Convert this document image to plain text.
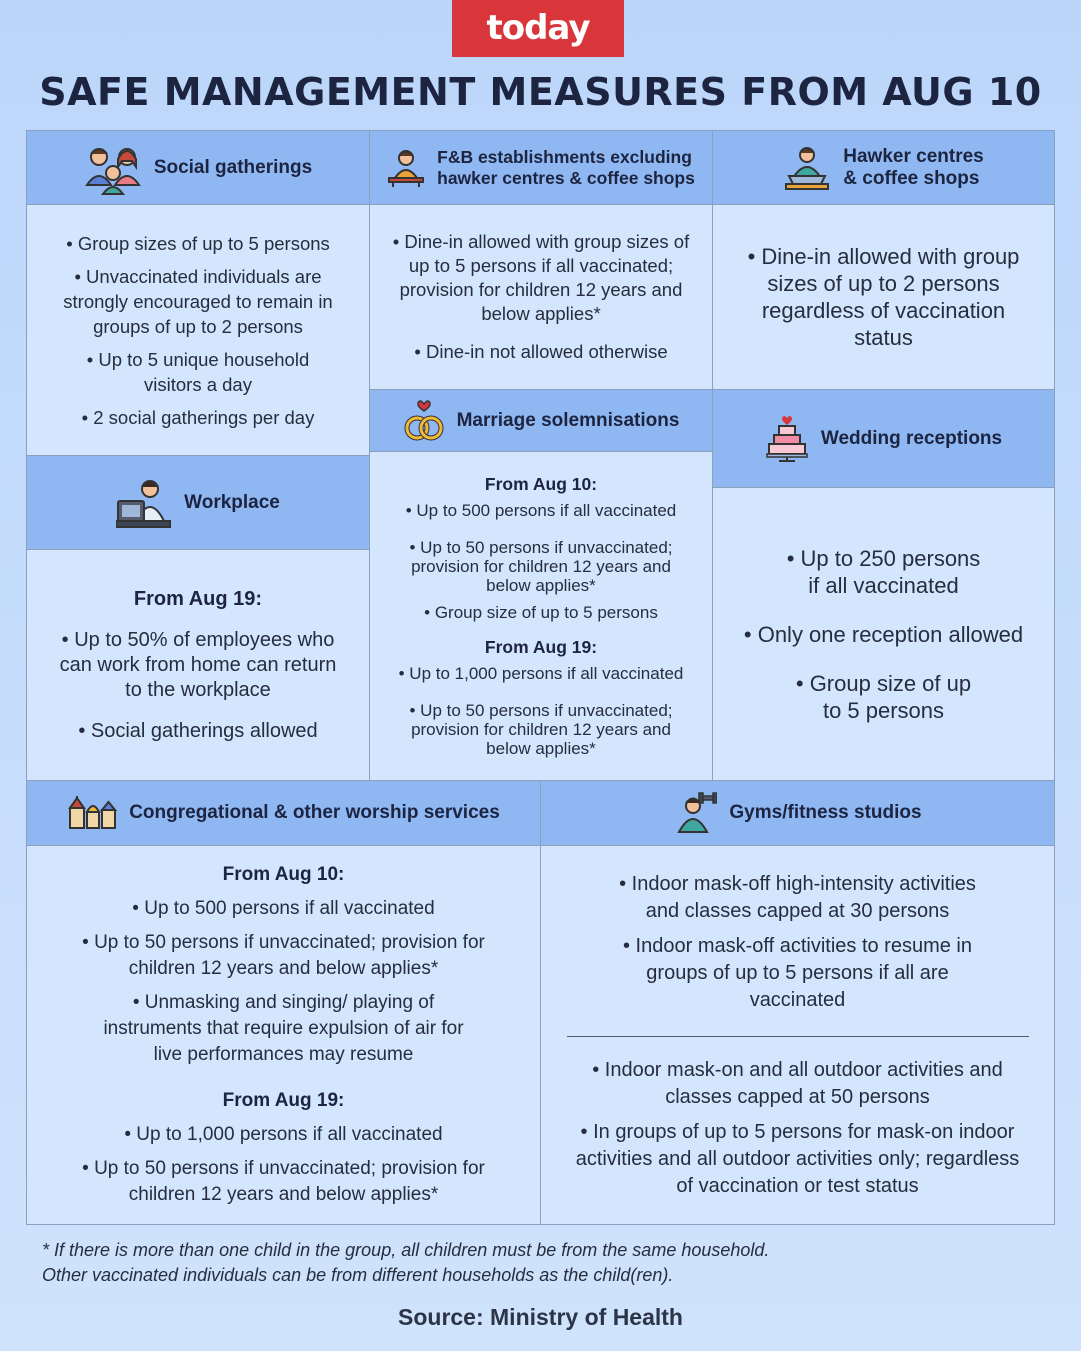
today
SAFE MANAGEMENT MEASURES FROM AUG 10
Social gatherings

• Group sizes of up to 5 persons

• Unvaccinated individuals are strongly encouraged to remain in groups of up to 2 persons

• Up to 5 unique household visitors a day

• 2 social gatherings per day

F&B establishments excluding
hawker centres & coffee shops

• Dine-in allowed with group sizes of up to 5 persons if all vaccinated; provision for children 12 years and below applies*

• Dine-in not allowed otherwise

Hawker centres
& coffee shops

• Dine-in allowed with group sizes of up to 2 persons regardless of vaccination status

Marriage solemnisations

From Aug 10:

• Up to 500 persons if all vaccinated

• Up to 50 persons if unvaccinated; provision for children 12 years and below applies*

• Group size of up to 5 persons

From Aug 19:

• Up to 1,000 persons if all vaccinated

• Up to 50 persons if unvaccinated; provision for children 12 years and below applies*

Wedding receptions

• Up to 250 persons if all vaccinated

• Only one reception allowed

• Group size of up to 5 persons

Workplace

From Aug 19:

• Up to 50% of employees who can work from home can return to the workplace

• Social gatherings allowed

Congregational & other worship services

From Aug 10:

• Up to 500 persons if all vaccinated

• Up to 50 persons if unvaccinated; provision for children 12 years and below applies*

• Unmasking and singing/ playing of instruments that require expulsion of air for live performances may resume

From Aug 19:

• Up to 1,000 persons if all vaccinated

• Up to 50 persons if unvaccinated; provision for children 12 years and below applies*

Gyms/fitness studios

• Indoor mask-off high-intensity activities and classes capped at 30 persons

• Indoor mask-off activities to resume in groups of up to 5 persons if all are vaccinated

• Indoor mask-on and all outdoor activities and classes capped at 50 persons

• In groups of up to 5 persons for mask-on indoor activities and all outdoor activities only; regardless of vaccination or test status

* If there is more than one child in the group, all children must be from the same household.
Other vaccinated individuals can be from different households as the child(ren).
Source: Ministry of Health
